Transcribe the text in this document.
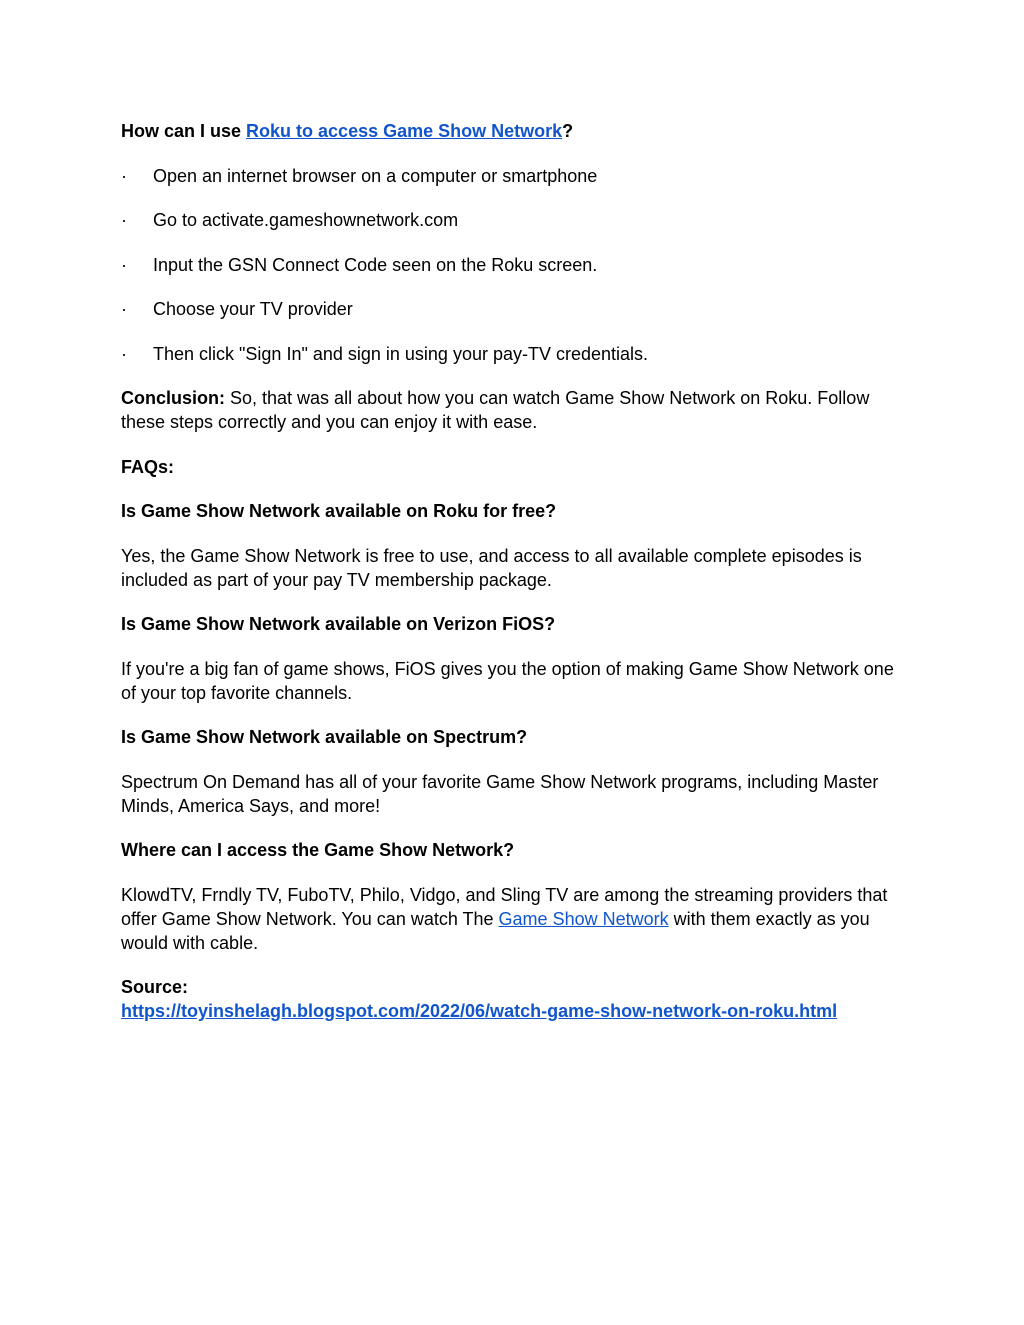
How can I use Roku to access Game Show Network?

·	Open an internet browser on a computer or smartphone

·	Go to activate.gameshownetwork.com

·	Input the GSN Connect Code seen on the Roku screen.

·	Choose your TV provider

·	Then click "Sign In" and sign in using your pay-TV credentials.

Conclusion: So, that was all about how you can watch Game Show Network on Roku. Follow these steps correctly and you can enjoy it with ease.

FAQs:

Is Game Show Network available on Roku for free?

Yes, the Game Show Network is free to use, and access to all available complete episodes is included as part of your pay TV membership package.

Is Game Show Network available on Verizon FiOS?

If you're a big fan of game shows, FiOS gives you the option of making Game Show Network one of your top favorite channels.

Is Game Show Network available on Spectrum?

Spectrum On Demand has all of your favorite Game Show Network programs, including Master Minds, America Says, and more!

Where can I access the Game Show Network?

KlowdTV, Frndly TV, FuboTV, Philo, Vidgo, and Sling TV are among the streaming providers that offer Game Show Network. You can watch The Game Show Network with them exactly as you would with cable.

Source:
https://toyinshelagh.blogspot.com/2022/06/watch-game-show-network-on-roku.html
